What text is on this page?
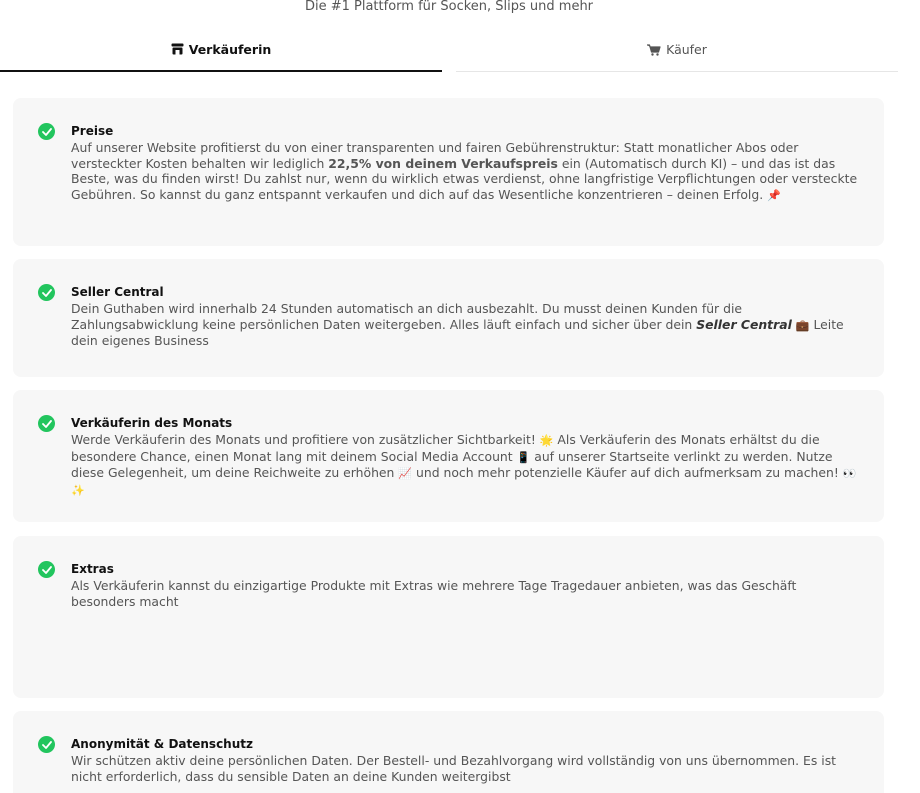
Die #1 Plattform für Socken, Slips und mehr
Verkäuferin	Käufer
Preise
Auf unserer Website profitierst du von einer transparenten und fairen Gebührenstruktur: Statt monatlicher Abos oder versteckter Kosten behalten wir lediglich 22,5% von deinem Verkaufspreis ein (Automatisch durch KI) – und das ist das Beste, was du finden wirst! Du zahlst nur, wenn du wirklich etwas verdienst, ohne langfristige Verpflichtungen oder versteckte Gebühren. So kannst du ganz entspannt verkaufen und dich auf das Wesentliche konzentrieren – deinen Erfolg. 📌
Seller Central
Dein Guthaben wird innerhalb 24 Stunden automatisch an dich ausbezahlt. Du musst deinen Kunden für die Zahlungsabwicklung keine persönlichen Daten weitergeben. Alles läuft einfach und sicher über dein Seller Central 💼 Leite dein eigenes Business
Verkäuferin des Monats
Werde Verkäuferin des Monats und profitiere von zusätzlicher Sichtbarkeit! 🌟 Als Verkäuferin des Monats erhältst du die besondere Chance, einen Monat lang mit deinem Social Media Account 📱 auf unserer Startseite verlinkt zu werden. Nutze diese Gelegenheit, um deine Reichweite zu erhöhen 📈 und noch mehr potenzielle Käufer auf dich aufmerksam zu machen! 👀 ✨
Extras
Als Verkäuferin kannst du einzigartige Produkte mit Extras wie mehrere Tage Tragedauer anbieten, was das Geschäft besonders macht
Anonymität & Datenschutz
Wir schützen aktiv deine persönlichen Daten. Der Bestell- und Bezahlvorgang wird vollständig von uns übernommen. Es ist nicht erforderlich, dass du sensible Daten an deine Kunden weitergibst
